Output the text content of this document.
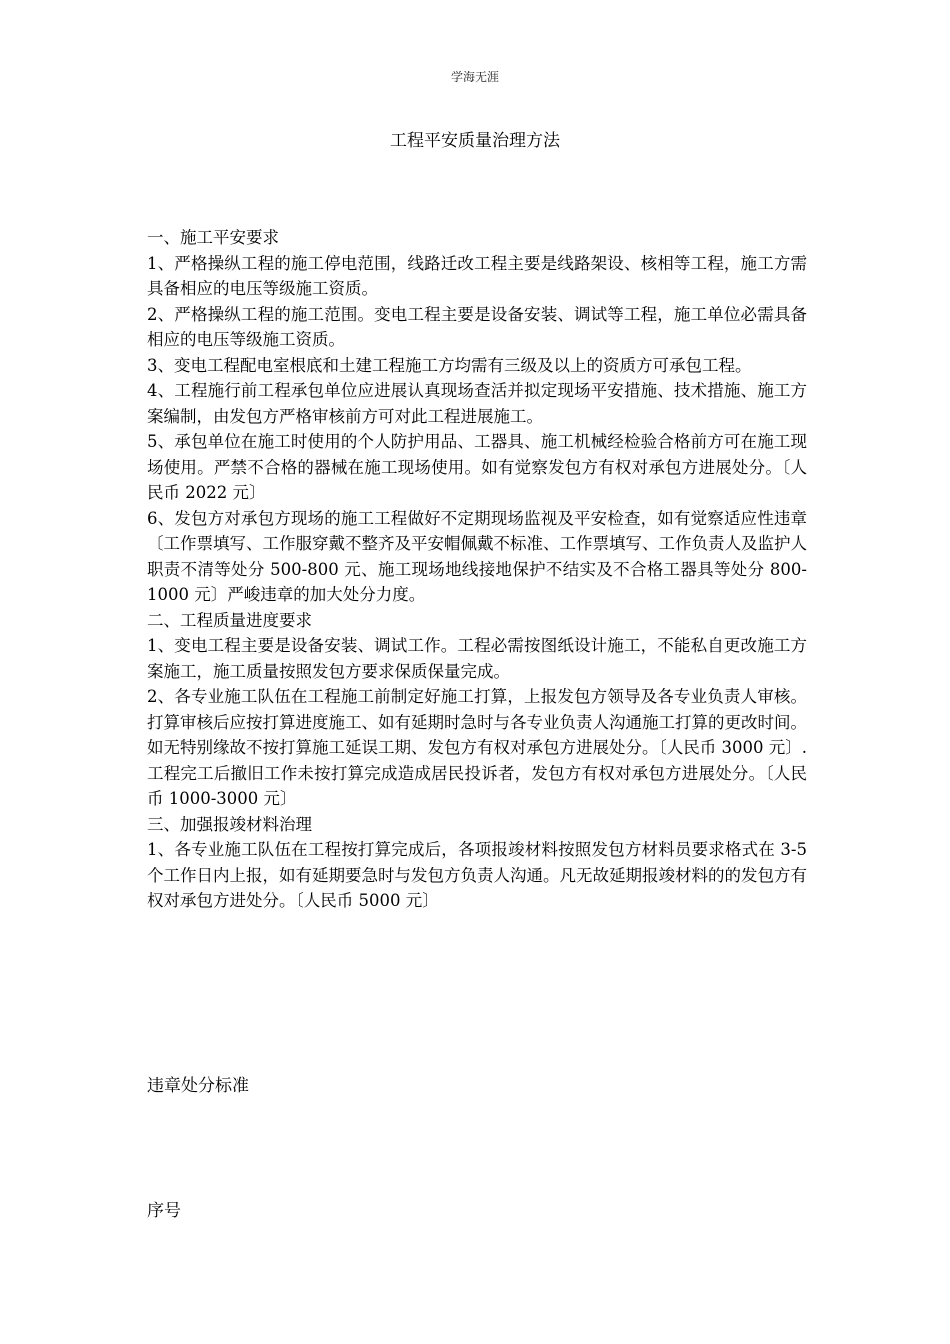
学海无涯
工程平安质量治理方法

一、施工平安要求

1、严格操纵工程的施工停电范围，线路迁改工程主要是线路架设、核相等工程，施工方需具备相应的电压等级施工资质。

2、严格操纵工程的施工范围。变电工程主要是设备安装、调试等工程，施工单位必需具备相应的电压等级施工资质。

3、变电工程配电室根底和土建工程施工方均需有三级及以上的资质方可承包工程。

4、工程施行前工程承包单位应进展认真现场查活并拟定现场平安措施、技术措施、施工方案编制，由发包方严格审核前方可对此工程进展施工。

5、承包单位在施工时使用的个人防护用品、工器具、施工机械经检验合格前方可在施工现场使用。严禁不合格的器械在施工现场使用。如有觉察发包方有权对承包方进展处分。〔人民币 2022 元〕

6、发包方对承包方现场的施工工程做好不定期现场监视及平安检查，如有觉察适应性违章〔工作票填写、工作服穿戴不整齐及平安帽佩戴不标准、工作票填写、工作负责人及监护人职责不清等处分 500-800 元、施工现场地线接地保护不结实及不合格工器具等处分 800-1000 元〕严峻违章的加大处分力度。

二、工程质量进度要求

1、变电工程主要是设备安装、调试工作。工程必需按图纸设计施工，不能私自更改施工方案施工，施工质量按照发包方要求保质保量完成。

2、各专业施工队伍在工程施工前制定好施工打算，上报发包方领导及各专业负责人审核。打算审核后应按打算进度施工、如有延期时急时与各专业负责人沟通施工打算的更改时间。如无特别缘故不按打算施工延误工期、发包方有权对承包方进展处分。〔人民币 3000 元〕.工程完工后撤旧工作未按打算完成造成居民投诉者，发包方有权对承包方进展处分。〔人民币 1000-3000 元〕

三、加强报竣材料治理

1、各专业施工队伍在工程按打算完成后，各项报竣材料按照发包方材料员要求格式在 3-5 个工作日内上报，如有延期要急时与发包方负责人沟通。凡无故延期报竣材料的的发包方有权对承包方进处分。〔人民币 5000 元〕

违章处分标准
序号
